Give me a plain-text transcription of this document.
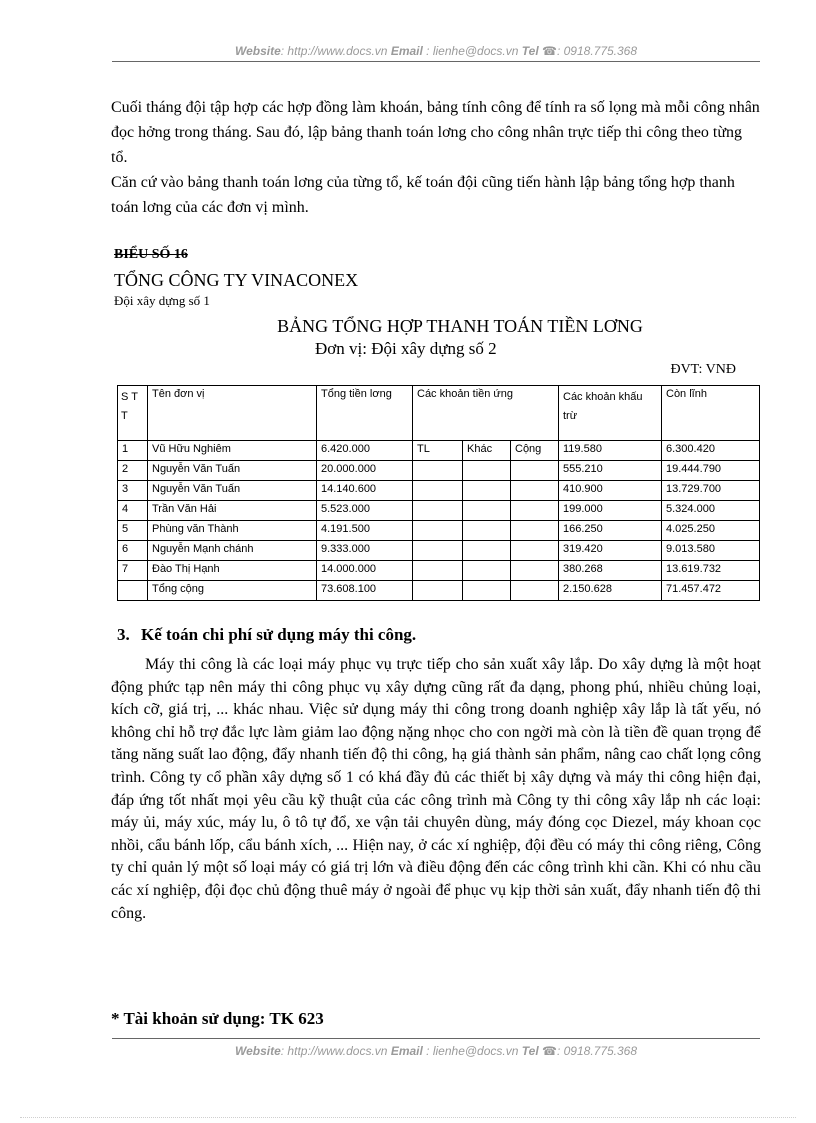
Website: http://www.docs.vn Email : lienhe@docs.vn Tel ☎: 0918.775.368

Cuối tháng đội tập hợp các hợp đồng làm khoán, bảng tính công để tính ra số lọng mà mỗi công nhân đọc hởng trong tháng. Sau đó, lập bảng thanh toán lơng cho công nhân trực tiếp thi công theo từng tổ.

Căn cứ vào bảng thanh toán lơng của từng tổ, kế toán đội cũng tiến hành lập bảng tổng hợp thanh toán lơng của các đơn vị mình.

BIỂU SỐ 16
TỔNG CÔNG TY VINACONEX
Đội xây dựng số 1
BẢNG TỔNG HỢP THANH TOÁN TIỀN LƠNG
Đơn vị: Đội xây dựng số 2
ĐVT: VNĐ
S T T	Tên đơn vị	Tổng tiền lơng	Các khoản tiền ứng			Các khoản khấu trừ	Còn lĩnh

1	Vũ Hữu Nghiêm	6.420.000	TL	Khác	Cộng	119.580	6.300.420
2	Nguyễn Văn Tuấn	20.000.000				555.210	19.444.790
3	Nguyễn Văn Tuấn	14.140.600				410.900	13.729.700
4	Trần Văn Hải	5.523.000				199.000	5.324.000
5	Phùng văn Thành	4.191.500				166.250	4.025.250
6	Nguyễn Mạnh chánh	9.333.000				319.420	9.013.580
7	Đào Thị Hạnh	14.000.000				380.268	13.619.732
	Tổng cộng	73.608.100				2.150.628	71.457.472
3. Kế toán chi phí sử dụng máy thi công.

Máy thi công là các loại máy phục vụ trực tiếp cho sản xuất xây lắp. Do xây dựng là một hoạt động phức tạp nên máy thi công phục vụ xây dựng cũng rất đa dạng, phong phú, nhiều chủng loại, kích cỡ, giá trị, ... khác nhau. Việc sử dụng máy thi công trong doanh nghiệp xây lắp là tất yếu, nó không chỉ hỗ trợ đắc lực làm giảm lao động nặng nhọc cho con ngời mà còn là tiền đề quan trọng để tăng năng suất lao động, đẩy nhanh tiến độ thi công, hạ giá thành sản phẩm, nâng cao chất lọng công trình. Công ty cổ phần xây dựng số 1 có khá đầy đủ các thiết bị xây dựng và máy thi công hiện đại, đáp ứng tốt nhất mọi yêu cầu kỹ thuật của các công trình mà Công ty thi công xây lắp nh các loại: máy ủi, máy xúc, máy lu, ô tô tự đổ, xe vận tải chuyên dùng, máy đóng cọc Diezel, máy khoan cọc nhồi, cẩu bánh lốp, cẩu bánh xích, ... Hiện nay, ở các xí nghiệp, đội đều có máy thi công riêng, Công ty chỉ quản lý một số loại máy có giá trị lớn và điều động đến các công trình khi cần. Khi có nhu cầu các xí nghiệp, đội đọc chủ động thuê máy ở ngoài để phục vụ kịp thời sản xuất, đẩy nhanh tiến độ thi công.

* Tài khoản sử dụng: TK 623
Website: http://www.docs.vn Email : lienhe@docs.vn Tel ☎: 0918.775.368
